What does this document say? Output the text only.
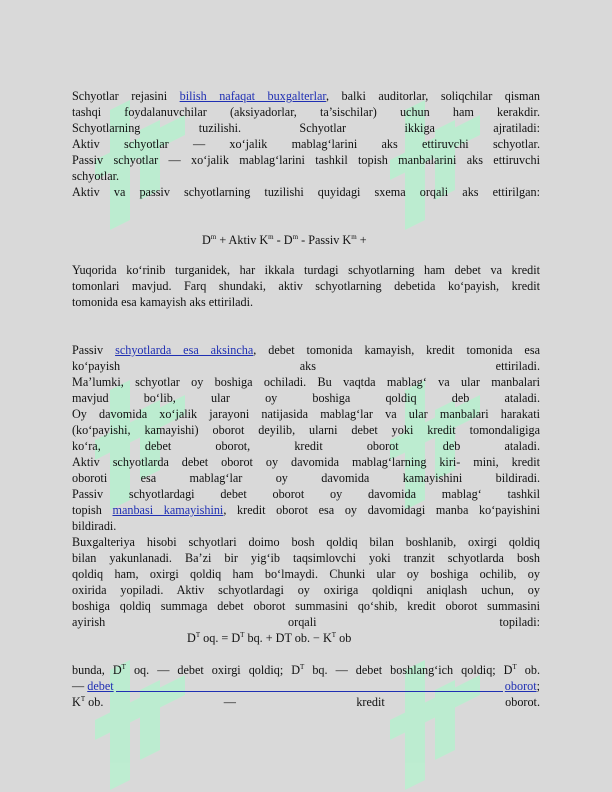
Schyotlar rejasini bilish nafaqat buxgalterlar, balki auditorlar, soliqchilar qisman
tashqi foydalanuvchilar (aksiyadorlar, ta’sischilar) uchun ham kerakdir.
Schyotlarning tuzilishi. Schyotlar ikkiga ajratiladi:
Aktiv schyotlar — xo‘jalik mablag‘larini aks ettiruvchi schyotlar.
Passiv schyotlar — xo‘jalik mablag‘larini tashkil topish manbalarini aks ettiruvchi
schyotlar.
Aktiv va passiv schyotlarning tuzilishi quyidagi sxema orqali aks ettirilgan:
$D^m$ + Aktiv $K^m - D^m$ - Passiv $K^m$ +
Yuqorida ko‘rinib turganidek, har ikkala turdagi schyotlarning ham debet va kredit
tomonlari mavjud. Farq shundaki, aktiv schyotlarning debetida ko‘payish, kredit
tomonida esa kamayish aks ettiriladi.
Passiv schyotlarda esa aksincha, debet tomonida kamayish, kredit tomonida esa
ko‘payish aks ettiriladi.
Ma’lumki, schyotlar oy boshiga ochiladi. Bu vaqtda mablag‘ va ular manbalari
mavjud bo‘lib, ular oy boshiga qoldiq deb ataladi.
Oy davomida xo‘jalik jarayoni natijasida mablag‘lar va ular manbalari harakati
(ko‘payishi, kamayishi) oborot deyilib, ularni debet yoki kredit tomondaligiga
ko‘ra, debet oborot, kredit oborot deb ataladi.
Aktiv schyotlarda debet oborot oy davomida mablag‘larning kiri- mini, kredit
oboroti esa mablag‘lar oy davomida kamayishini bildiradi.
Passiv schyotlardagi debet oborot oy davomida mablag‘ tashkil
topish manbasi kamayishini, kredit oborot esa oy davomidagi manba ko‘payishini
bildiradi.
Buxgalteriya hisobi schyotlari doimo bosh qoldiq bilan boshlanib, oxirgi qoldiq
bilan yakunlanadi. Ba’zi bir yig‘ib taqsimlovchi yoki tranzit schyotlarda bosh
qoldiq ham, oxirgi qoldiq ham bo‘lmaydi. Chunki ular oy boshiga ochilib, oy
oxirida yopiladi. Aktiv schyotlardagi oy oxiriga qoldiqni aniqlash uchun, oy
boshiga qoldiq summaga debet oborot summasini qo‘shib, kredit oborot summasini
ayirish orqali topiladi:
$D^T$ oq. = $D^T$ bq. + DT ob. − $K^T$ ob
bunda, $D^T$ oq. — debet oxirgi qoldiq; $D^T$ bq. — debet boshlang‘ich qoldiq; $D^T$ ob.
— debet	oborot;
$K^T$ ob.	—	kredit	oborot.
